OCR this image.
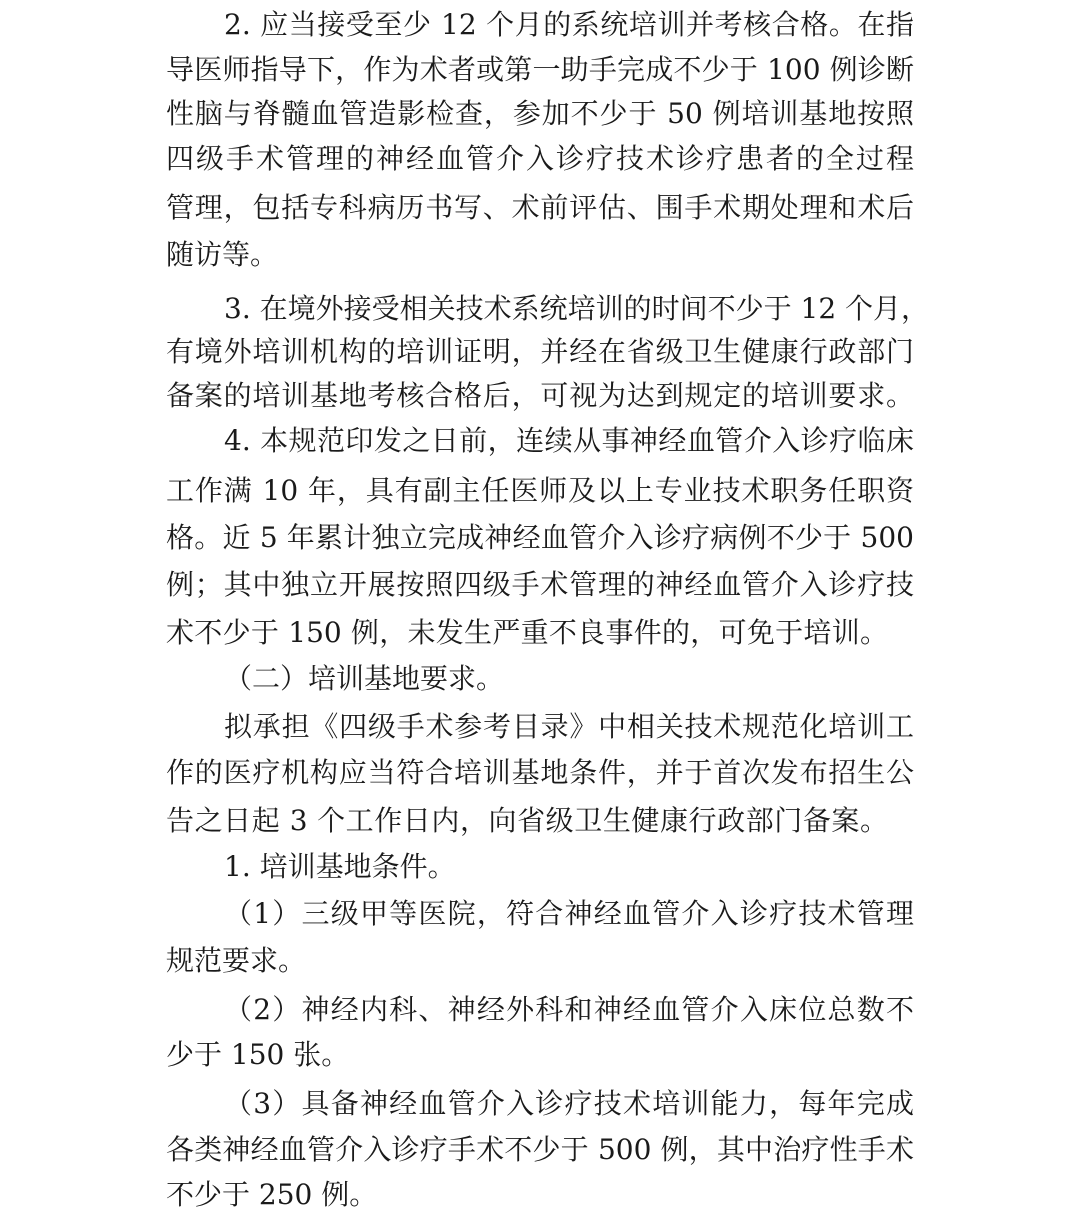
2. 应当接受至少 12 个月的系统培训并考核合格。在指
导医师指导下，作为术者或第一助手完成不少于 100 例诊断
性脑与脊髓血管造影检查，参加不少于 50 例培训基地按照
四级手术管理的神经血管介入诊疗技术诊疗患者的全过程
管理，包括专科病历书写、术前评估、围手术期处理和术后
随访等。
3. 在境外接受相关技术系统培训的时间不少于 12 个月，
有境外培训机构的培训证明，并经在省级卫生健康行政部门
备案的培训基地考核合格后，可视为达到规定的培训要求。
4. 本规范印发之日前，连续从事神经血管介入诊疗临床
工作满 10 年，具有副主任医师及以上专业技术职务任职资
格。近 5 年累计独立完成神经血管介入诊疗病例不少于 500
例；其中独立开展按照四级手术管理的神经血管介入诊疗技
术不少于 150 例，未发生严重不良事件的，可免于培训。
（二）培训基地要求。
拟承担《四级手术参考目录》中相关技术规范化培训工
作的医疗机构应当符合培训基地条件，并于首次发布招生公
告之日起 3 个工作日内，向省级卫生健康行政部门备案。
1. 培训基地条件。
（1）三级甲等医院，符合神经血管介入诊疗技术管理
规范要求。
（2）神经内科、神经外科和神经血管介入床位总数不
少于 150 张。
（3）具备神经血管介入诊疗技术培训能力，每年完成
各类神经血管介入诊疗手术不少于 500 例，其中治疗性手术
不少于 250 例。
